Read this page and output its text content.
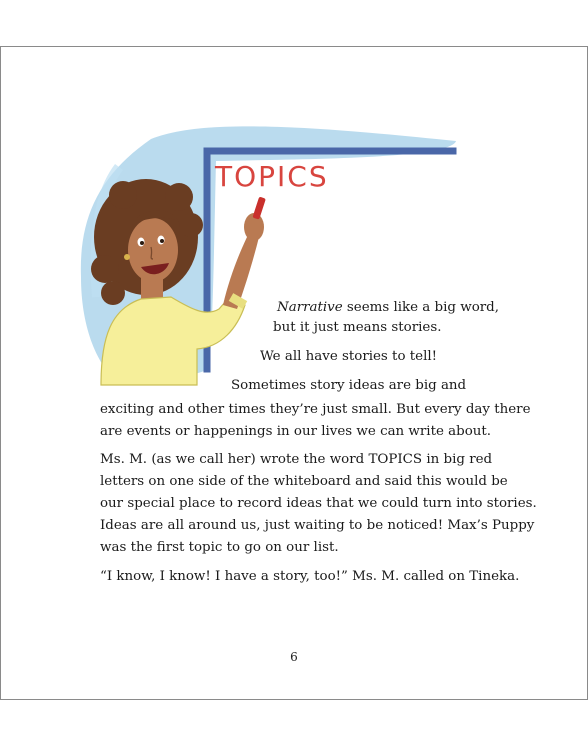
TOPICS
Narrative seems like a big word,
but it just means stories.
We all have stories to tell!
Sometimes story ideas are big and
exciting and other times they’re just small. But every day there
are events or happenings in our lives we can write about.
Ms. M. (as we call her) wrote the word TOPICS in big red
letters on one side of the whiteboard and said this would be
our special place to record ideas that we could turn into stories.
Ideas are all around us, just waiting to be noticed! Max’s Puppy
was the first topic to go on our list.
“I know, I know! I have a story, too!” Ms. M. called on Tineka.
6
